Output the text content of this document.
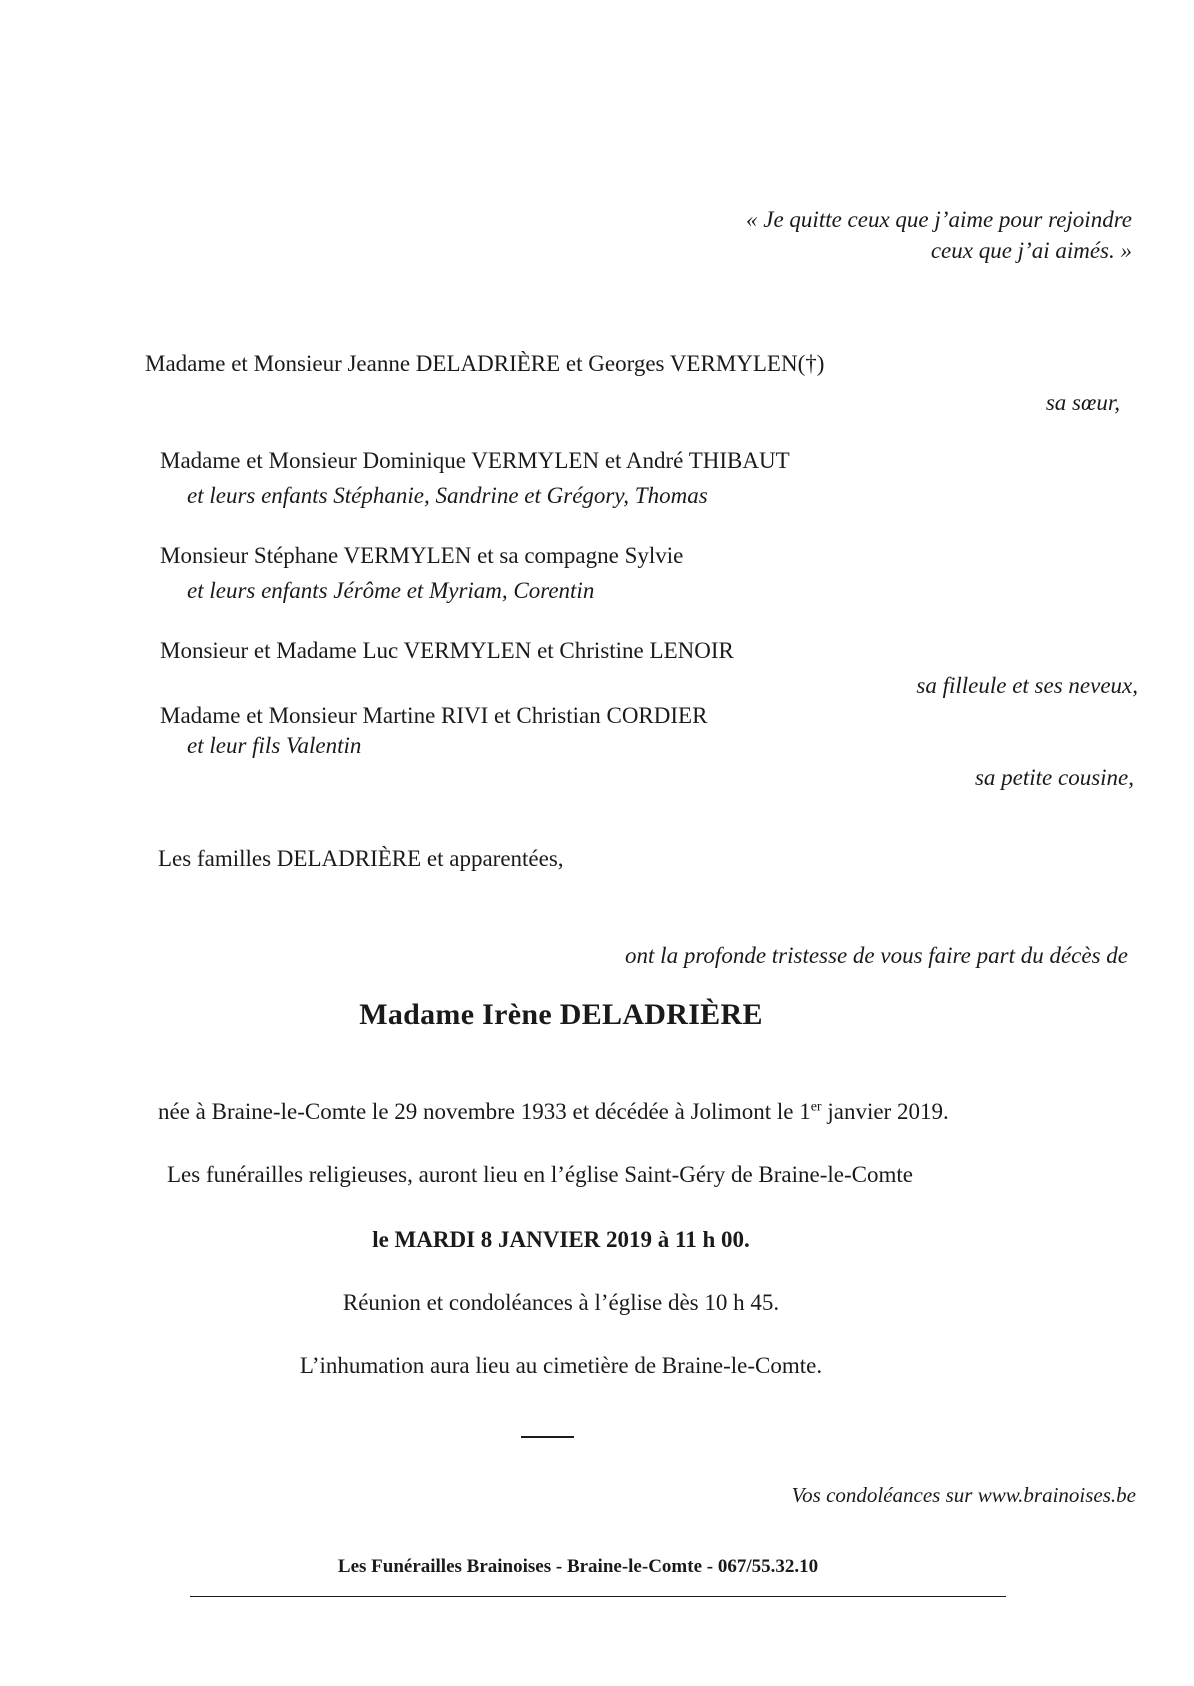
« Je quitte ceux que j’aime pour rejoindre
ceux que j’ai aimés. »
Madame et Monsieur Jeanne DELADRIÈRE et Georges VERMYLEN(†)
sa sœur,
Madame et Monsieur Dominique VERMYLEN et André THIBAUT
et leurs enfants Stéphanie, Sandrine et Grégory, Thomas
Monsieur Stéphane VERMYLEN et sa compagne Sylvie
et leurs enfants Jérôme et Myriam, Corentin
Monsieur et Madame Luc VERMYLEN et Christine LENOIR
sa filleule et ses neveux,
Madame et Monsieur Martine RIVI et Christian CORDIER
et leur fils Valentin
sa petite cousine,
Les familles DELADRIÈRE et apparentées,
ont la profonde tristesse de vous faire part du décès de
Madame Irène DELADRIÈRE
née à Braine-le-Comte le 29 novembre 1933 et décédée à Jolimont le 1er janvier 2019.
Les funérailles religieuses, auront lieu en l’église Saint-Géry de Braine-le-Comte
le MARDI 8 JANVIER 2019 à 11 h 00.
Réunion et condoléances à l’église dès 10 h 45.
L’inhumation aura lieu au cimetière de Braine-le-Comte.
Vos condoléances sur www.brainoises.be
Les Funérailles Brainoises - Braine-le-Comte - 067/55.32.10
